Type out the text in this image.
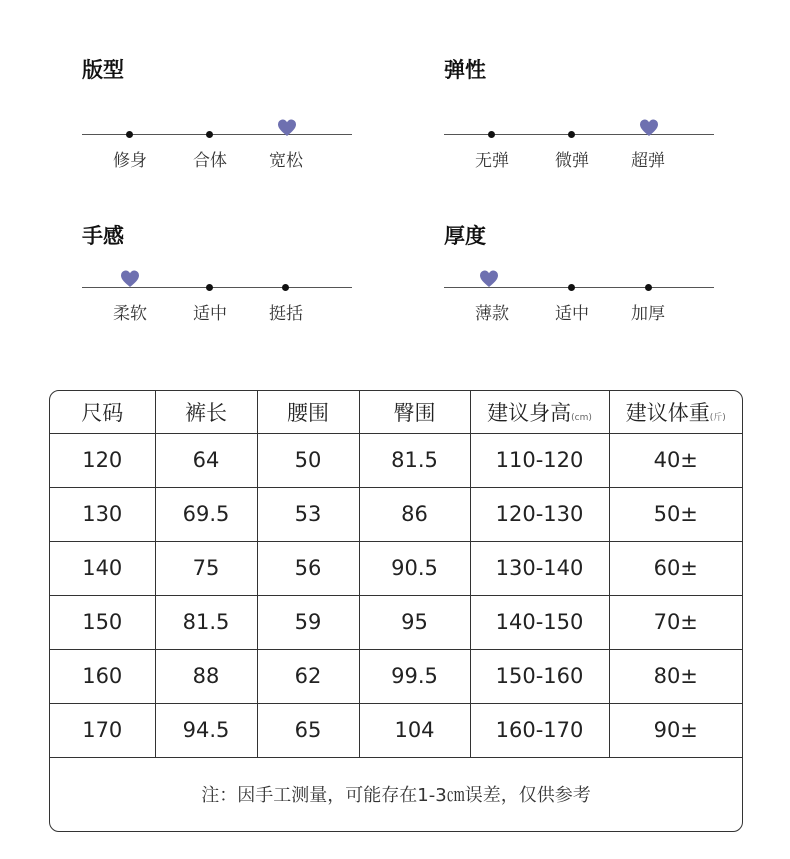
版型
修身	合体	宽松
弹性
无弹	微弹	超弹
手感
柔软	适中	挺括
厚度
薄款	适中	加厚
尺码	裤长	腰围	臀围	建议身高(cm)	建议体重(斤)
120	64	50	81.5	110-120	40±
130	69.5	53	86	120-130	50±
140	75	56	90.5	130-140	60±
150	81.5	59	95	140-150	70±
160	88	62	99.5	150-160	80±
170	94.5	65	104	160-170	90±
注：因手工测量，可能存在1-3㎝误差，仅供参考					
